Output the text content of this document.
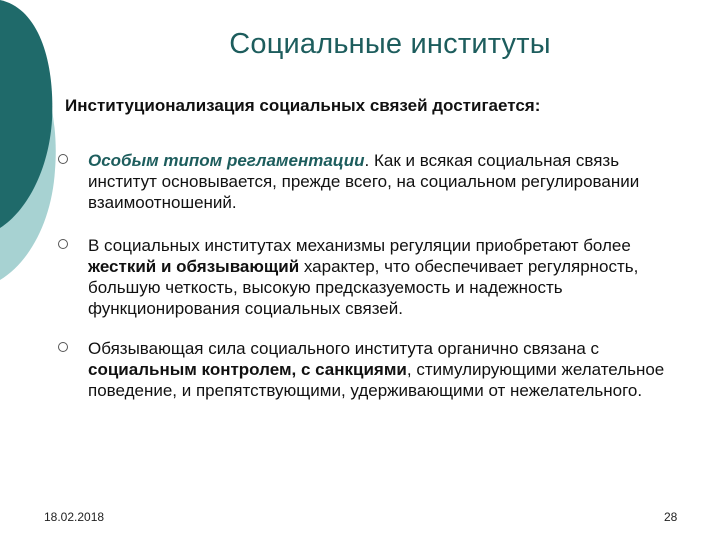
Социальные институты
Институционализация социальных связей достигается:
Особым типом регламентации. Как и всякая социальная связь институт основывается, прежде всего, на социальном регулировании взаимоотношений.
В социальных институтах механизмы регуляции приобретают более жесткий и обязывающий характер, что обеспечивает регулярность, большую четкость, высокую предсказуемость и надежность функционирования социальных связей.
Обязывающая сила социального института органично связана с социальным контролем, с санкциями, стимулирующими желательное поведение, и препятствующими, удерживающими от нежелательного.
18.02.2018	28
